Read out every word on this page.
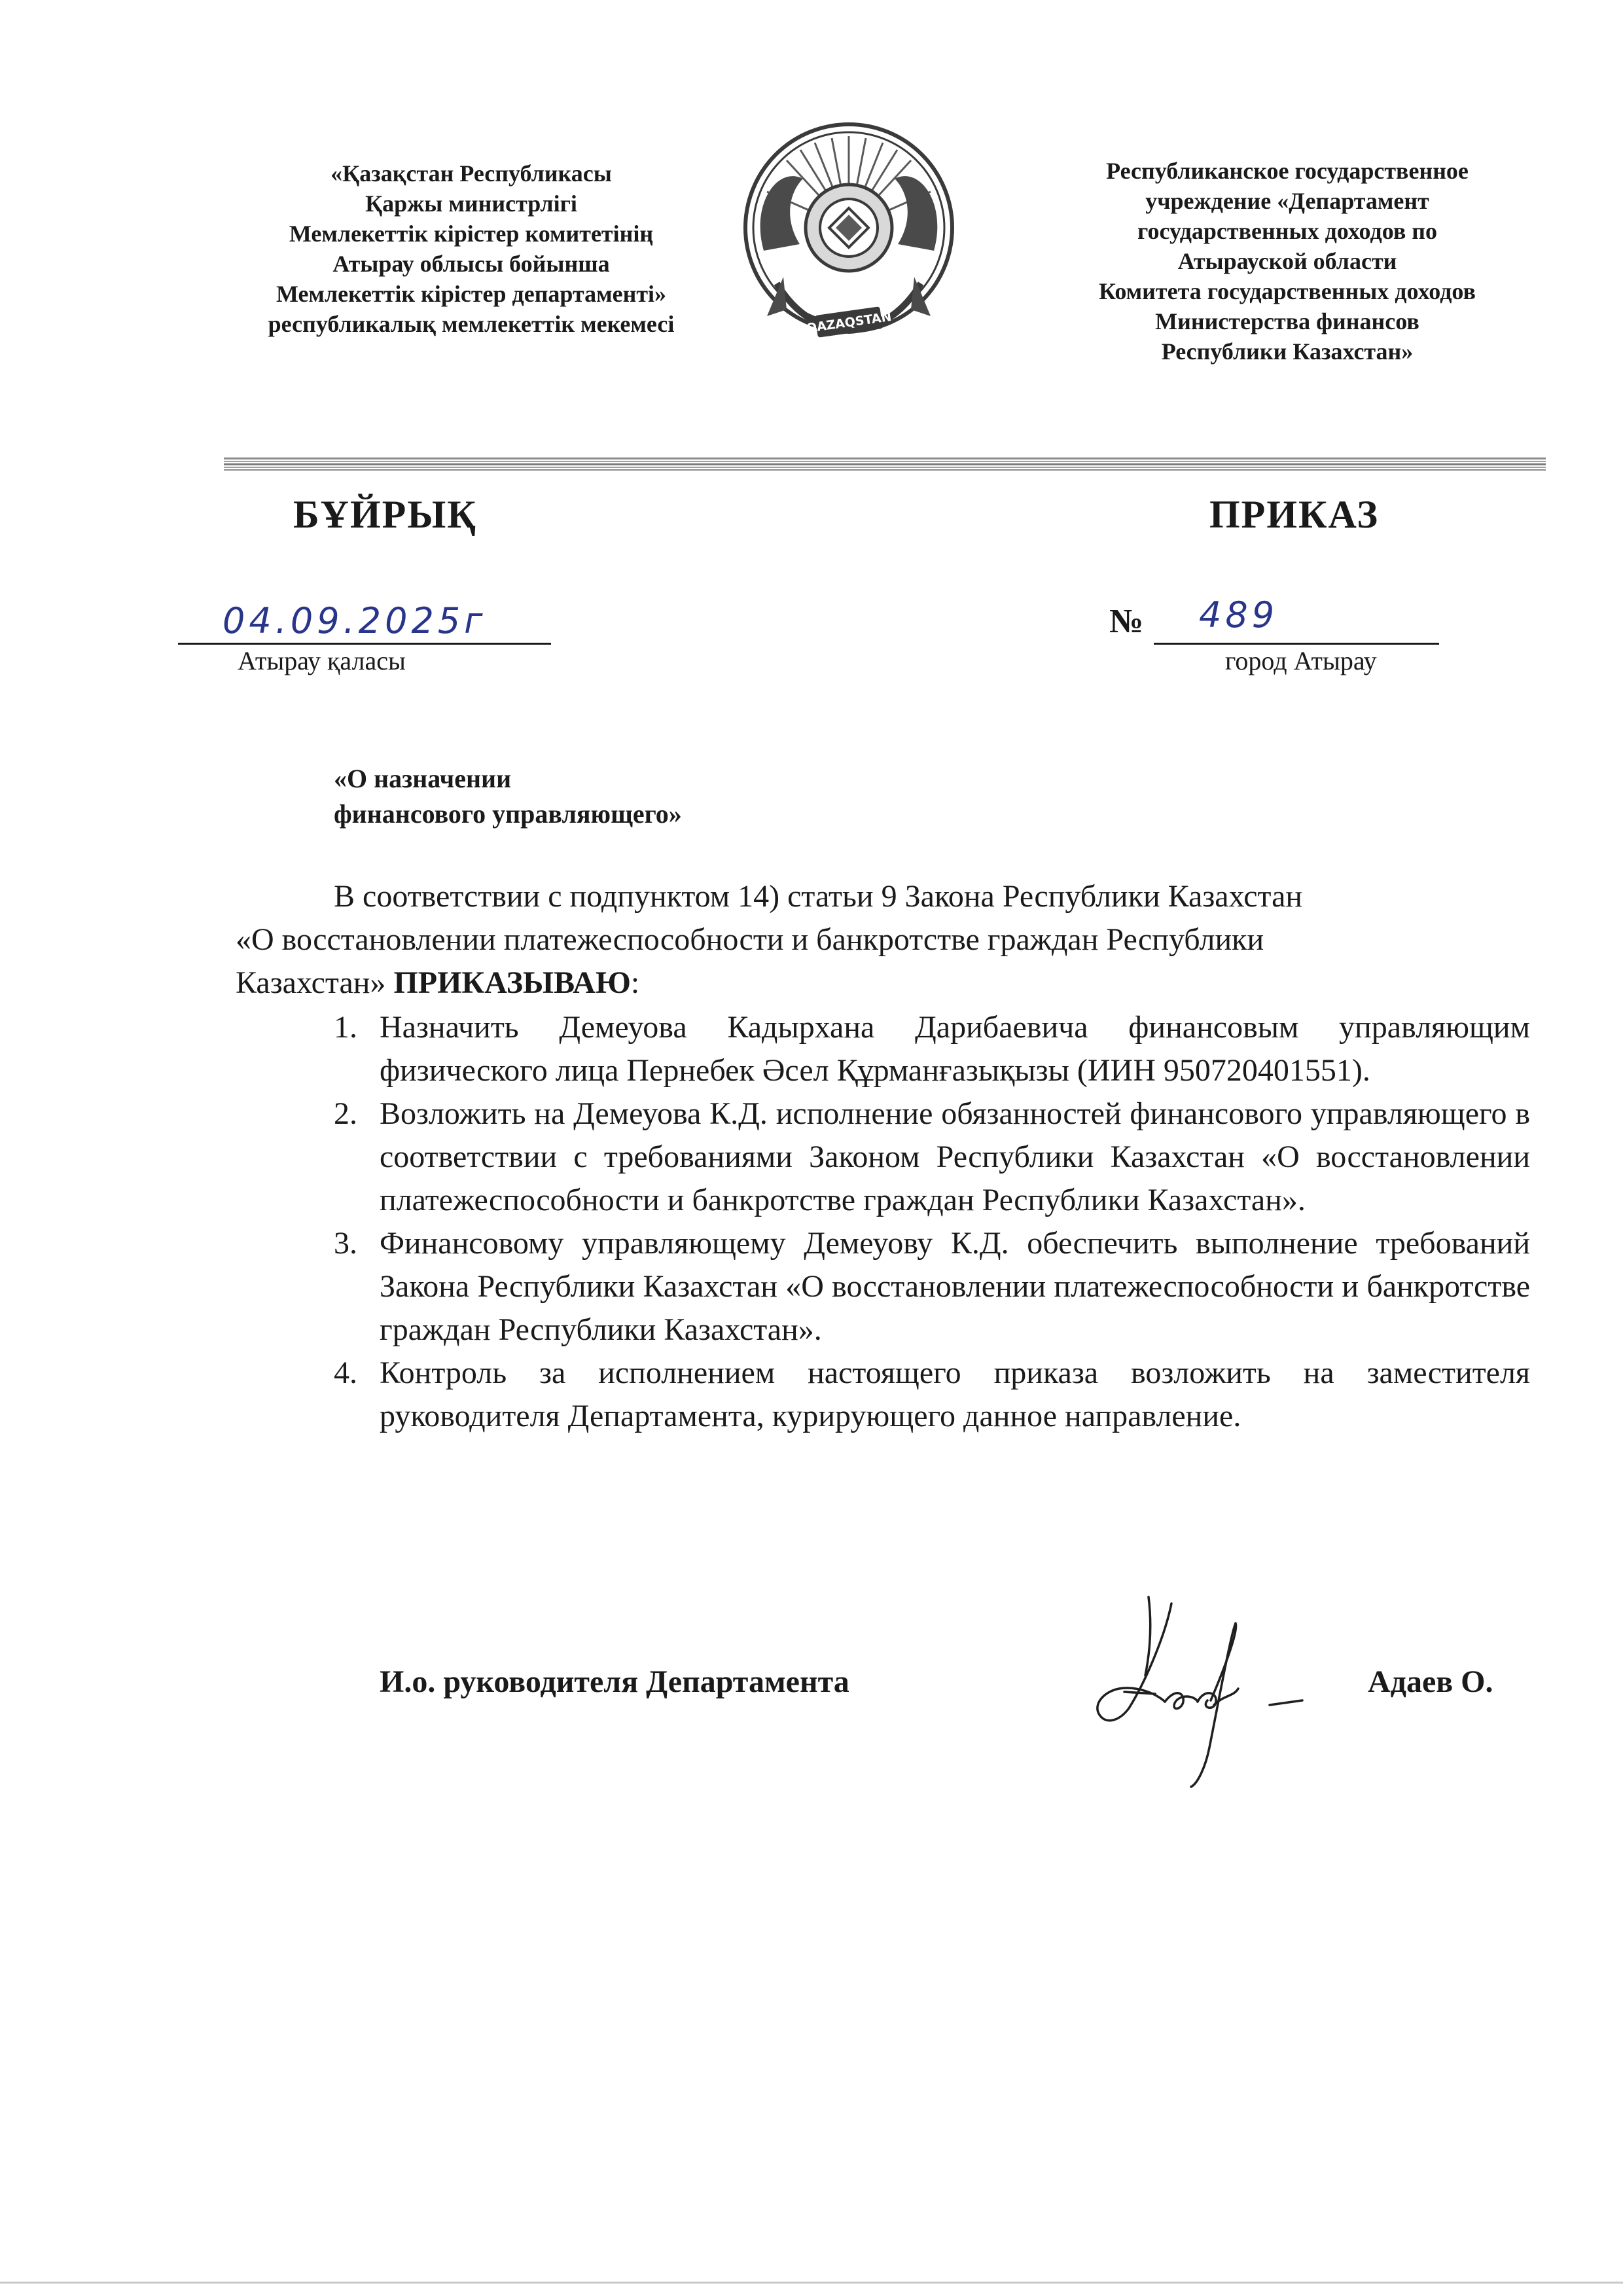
«Қазақстан Республикасы
Қаржы министрлігі
Мемлекеттік кірістер комитетінің
Атырау облысы бойынша
Мемлекеттік кірістер департаменті»
республикалық мемлекеттік мекемесі	QAZAQSTAN
Республиканское государственное
учреждение «Департамент
государственных доходов по
Атырауской области
Комитета государственных доходов
Министерства финансов
Республики Казахстан»
БҰЙРЫҚ	ПРИКАЗ
04.09.2025г
Атырау қаласы
№ 489
город Атырау
«О назначении
финансового управляющего»
В соответствии с подпунктом 14) статьи 9 Закона Республики Казахстан
«О восстановлении платежеспособности и банкротстве граждан Республики
Казахстан» ПРИКАЗЫВАЮ:
1. Назначить Демеуова Кадырхана Дарибаевича финансовым управляющим физического лица Пернебек Әсел Құрманғазықызы (ИИН 950720401551).
2. Возложить на Демеуова К.Д. исполнение обязанностей финансового управляющего в соответствии с требованиями Законом Республики Казахстан «О восстановлении платежеспособности и банкротстве граждан Республики Казахстан».
3. Финансовому управляющему Демеуову К.Д. обеспечить выполнение требований Закона Республики Казахстан «О восстановлении платежеспособности и банкротстве граждан Республики Казахстан».
4. Контроль за исполнением настоящего приказа возложить на заместителя руководителя Департамента, курирующего данное направление.
И.о. руководителя Департамента	Адаев О.
